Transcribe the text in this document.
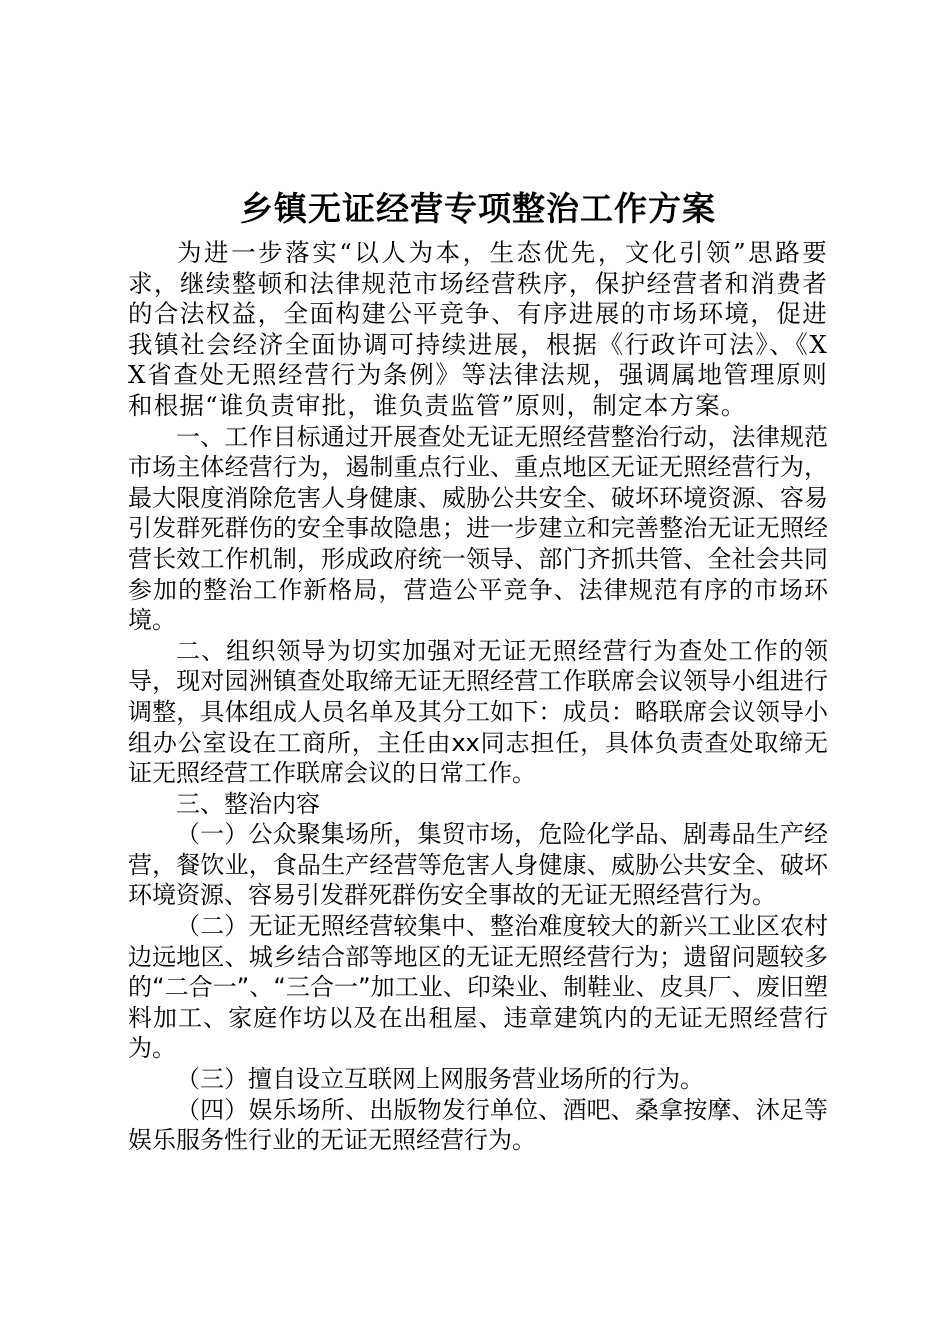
乡镇无证经营专项整治工作方案

为进一步落实“以人为本，生态优先，文化引领”思路要求，继续整顿和法律规范市场经营秩序，保护经营者和消费者的合法权益，全面构建公平竞争、有序进展的市场环境，促进我镇社会经济全面协调可持续进展，根据《行政许可法》、《XX省查处无照经营行为条例》等法律法规，强调属地管理原则和根据“谁负责审批，谁负责监管”原则，制定本方案。

一、工作目标通过开展查处无证无照经营整治行动，法律规范市场主体经营行为，遏制重点行业、重点地区无证无照经营行为，最大限度消除危害人身健康、威胁公共安全、破坏环境资源、容易引发群死群伤的安全事故隐患；进一步建立和完善整治无证无照经营长效工作机制，形成政府统一领导、部门齐抓共管、全社会共同参加的整治工作新格局，营造公平竞争、法律规范有序的市场环境。

二、组织领导为切实加强对无证无照经营行为查处工作的领导，现对园洲镇查处取缔无证无照经营工作联席会议领导小组进行调整，具体组成人员名单及其分工如下：成员：略联席会议领导小组办公室设在工商所，主任由xx同志担任，具体负责查处取缔无证无照经营工作联席会议的日常工作。

三、整治内容

（一）公众聚集场所，集贸市场，危险化学品、剧毒品生产经营，餐饮业，食品生产经营等危害人身健康、威胁公共安全、破坏环境资源、容易引发群死群伤安全事故的无证无照经营行为。

（二）无证无照经营较集中、整治难度较大的新兴工业区农村边远地区、城乡结合部等地区的无证无照经营行为；遗留问题较多的“二合一”、“三合一”加工业、印染业、制鞋业、皮具厂、废旧塑料加工、家庭作坊以及在出租屋、违章建筑内的无证无照经营行为。

（三）擅自设立互联网上网服务营业场所的行为。

（四）娱乐场所、出版物发行单位、酒吧、桑拿按摩、沐足等娱乐服务性行业的无证无照经营行为。
